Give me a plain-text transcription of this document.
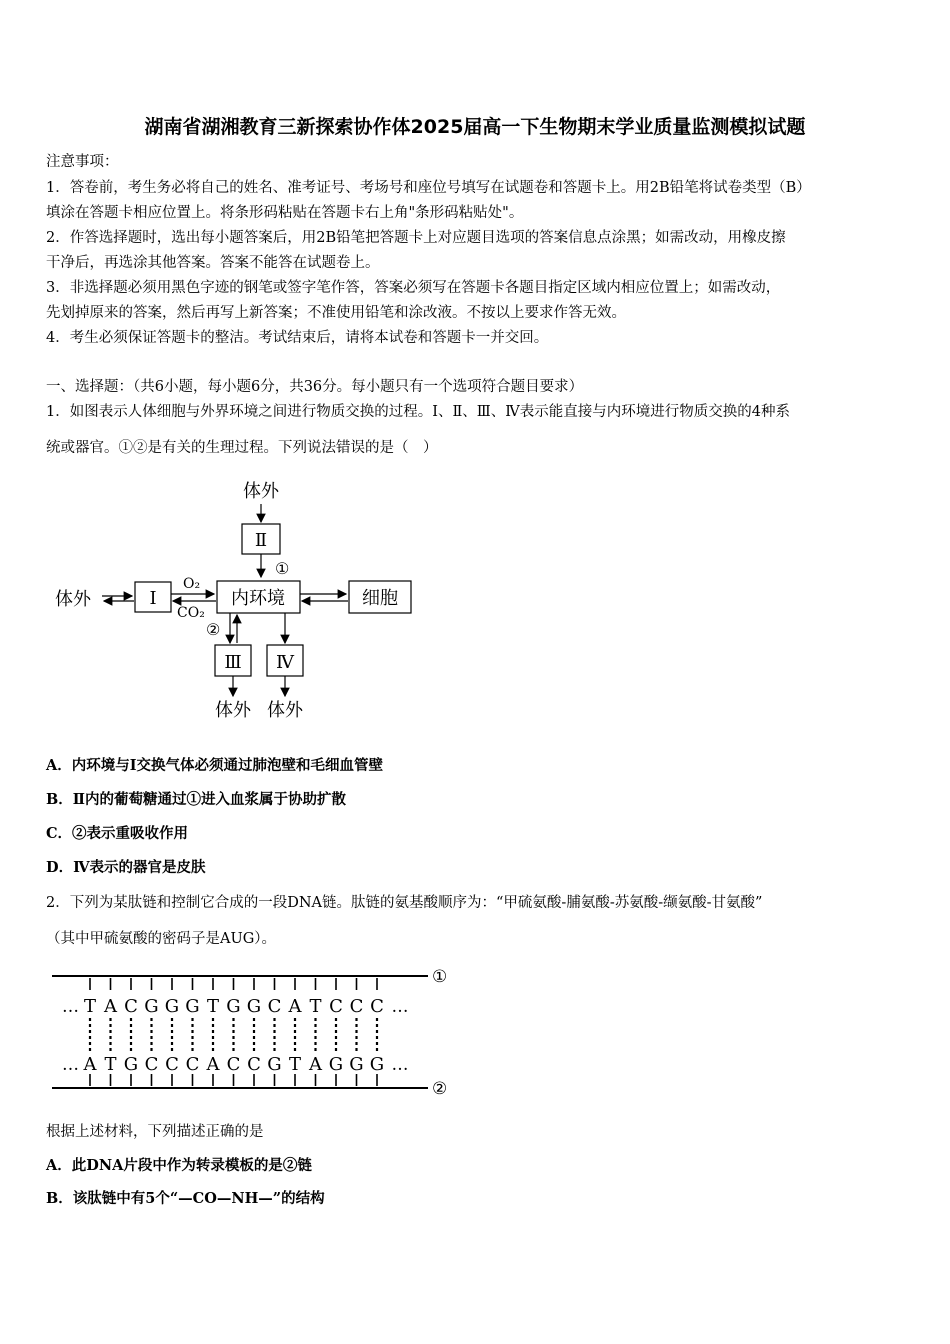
湖南省湖湘教育三新探索协作体2025届高一下生物期末学业质量监测模拟试题
注意事项：
1．答卷前，考生务必将自己的姓名、准考证号、考场号和座位号填写在试题卷和答题卡上。用2B铅笔将试卷类型（B）
填涂在答题卡相应位置上。将条形码粘贴在答题卡右上角"条形码粘贴处"。
2．作答选择题时，选出每小题答案后，用2B铅笔把答题卡上对应题目选项的答案信息点涂黑；如需改动，用橡皮擦
干净后，再选涂其他答案。答案不能答在试题卷上。
3．非选择题必须用黑色字迹的钢笔或签字笔作答，答案必须写在答题卡各题目指定区域内相应位置上；如需改动，
先划掉原来的答案，然后再写上新答案；不准使用铅笔和涂改液。不按以上要求作答无效。
4．考生必须保证答题卡的整洁。考试结束后，请将本试卷和答题卡一并交回。
一、选择题：（共6小题，每小题6分，共36分。每小题只有一个选项符合题目要求）
1．如图表示人体细胞与外界环境之间进行物质交换的过程。Ⅰ、Ⅱ、Ⅲ、Ⅳ表示能直接与内环境进行物质交换的4种系
统或器官。①②是有关的生理过程。下列说法错误的是（　）
体外
Ⅱ
①
体外	Ⅰ
O₂
CO₂
内环境	细胞
②
Ⅲ Ⅳ
体外 体外
A．内环境与Ⅰ交换气体必须通过肺泡壁和毛细血管壁
B．Ⅱ内的葡萄糖通过①进入血浆属于协助扩散
C．②表示重吸收作用
D．Ⅳ表示的器官是皮肤
2．下列为某肽链和控制它合成的一段DNA链。肽链的氨基酸顺序为：“甲硫氨酸-脯氨酸-苏氨酸-缬氨酸-甘氨酸”
（其中甲硫氨酸的密码子是AUG）。
①
②
…
…
T
A
A
T
C
G
G
C
G
C
G
C
T
A
G
C
G
C
C
G
A
T
T
A
C
G
C
G
C
G
…
…
根据上述材料，下列描述正确的是
A．此DNA片段中作为转录模板的是②链
B．该肽链中有5个“—CO—NH—”的结构
